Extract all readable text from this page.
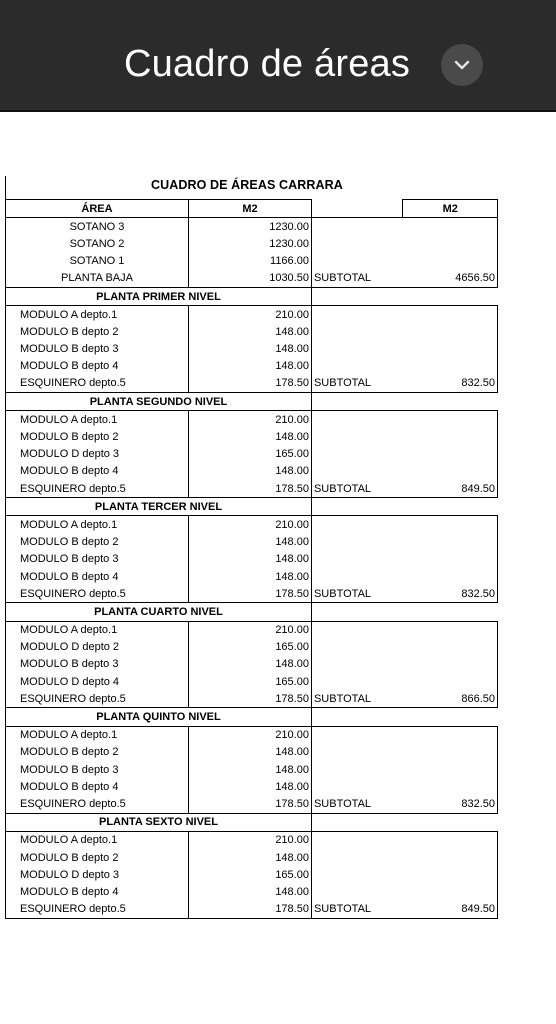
Cuadro de áreas
CUADRO DE ÁREAS CARRARA
ÁREA	M2		M2
SOTANO 3	1230.00		
SOTANO 2	1230.00		
SOTANO 1	1166.00		
PLANTA BAJA	1030.50	SUBTOTAL	4656.50
PLANTA PRIMER NIVEL			
MODULO A depto.1	210.00		
MODULO B depto 2	148.00		
MODULO B depto 3	148.00		
MODULO B depto 4	148.00		
ESQUINERO depto.5	178.50	SUBTOTAL	832.50
PLANTA SEGUNDO NIVEL			
MODULO A depto.1	210.00		
MODULO B depto 2	148.00		
MODULO D depto 3	165.00		
MODULO B depto 4	148.00		
ESQUINERO depto.5	178.50	SUBTOTAL	849.50
PLANTA TERCER NIVEL			
MODULO A depto.1	210.00		
MODULO B depto 2	148.00		
MODULO B depto 3	148.00		
MODULO B depto 4	148.00		
ESQUINERO depto.5	178.50	SUBTOTAL	832.50
PLANTA CUARTO NIVEL			
MODULO A depto.1	210.00		
MODULO D depto 2	165.00		
MODULO B depto 3	148.00		
MODULO D depto 4	165.00		
ESQUINERO depto.5	178.50	SUBTOTAL	866.50
PLANTA QUINTO NIVEL			
MODULO A depto.1	210.00		
MODULO B depto 2	148.00		
MODULO B depto 3	148.00		
MODULO B depto 4	148.00		
ESQUINERO depto.5	178.50	SUBTOTAL	832.50
PLANTA SEXTO NIVEL			
MODULO A depto.1	210.00		
MODULO B depto 2	148.00		
MODULO D depto 3	165.00		
MODULO B depto 4	148.00		
ESQUINERO depto.5	178.50	SUBTOTAL	849.50
